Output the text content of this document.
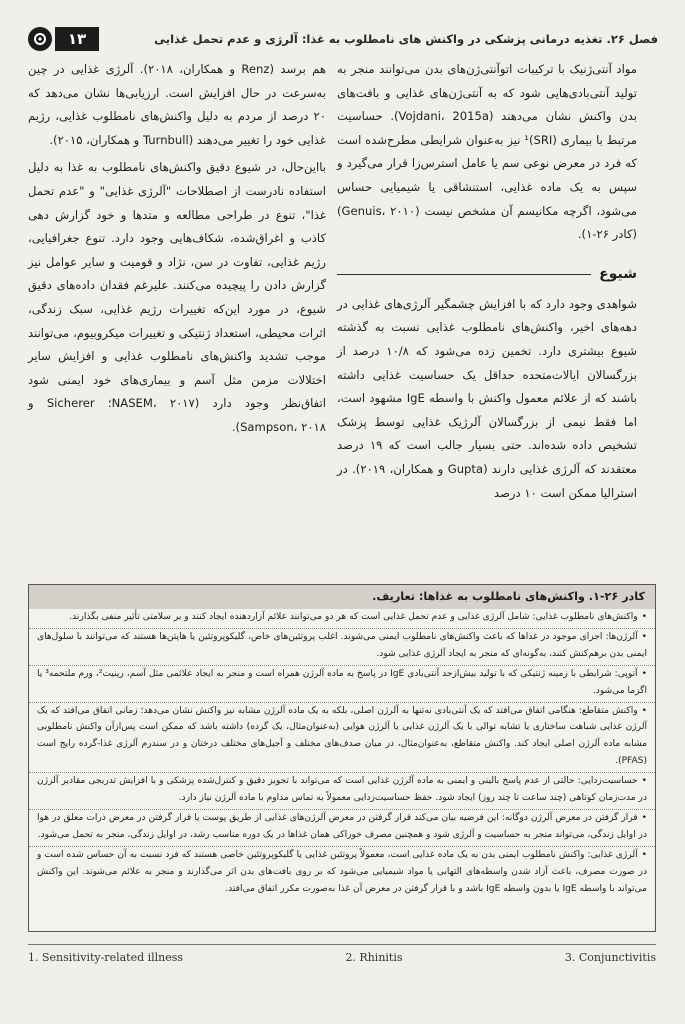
فصل ۲۶. تغذیه درمانی پزشکی در واکنش های نامطلوب به غذا: آلرژی و عدم تحمل غذایی
۱۳

مواد آنتی‌ژنیک با ترکیبات اتوآنتی‌ژن‌های بدن می‌توانند منجر به تولید آنتی‌بادی‌هایی شود که به آنتی‌ژن‌های غذایی و بافت‌های بدن واکنش نشان می‌دهند (Vojdani، 2015a). حساسیت مرتبط با بیماری (SRI)¹ نیز به‌عنوان شرایطی مطرح‌شده است که فرد در معرض نوعی سم یا عامل استرس‌زا قرار می‌گیرد و سپس به یک ماده غذایی، استنشاقی یا شیمیایی حساس می‌شود، اگرچه مکانیسم آن مشخص نیست (Genuis، ۲۰۱۰) (کادر ۲۶-۱).

شیوع

شواهدی وجود دارد که با افزایش چشمگیر آلرژی‌های غذایی در دهه‌های اخیر، واکنش‌های نامطلوب غذایی نسبت به گذشته شیوع بیشتری دارد. تخمین زده می‌شود که ۱۰/۸ درصد از بزرگسالان ایالات‌متحده حداقل یک حساسیت غذایی داشته باشند که از علائم معمول واکنش با واسطه IgE مشهود است، اما فقط نیمی از بزرگسالان آلرژیک غذایی توسط پزشک تشخیص داده شده‌اند. حتی بسیار جالب است که ۱۹ درصد معتقدند که آلرژی غذایی دارند (Gupta و همکاران، ۲۰۱۹). در استرالیا ممکن است ۱۰ درصد

هم برسد (Renz و همکاران، ۲۰۱۸). آلرژی غذایی در چین به‌سرعت در حال افزایش است. ارزیابی‌ها نشان می‌دهد که ۲۰ درصد از مردم به دلیل واکنش‌های نامطلوب غذایی، رژیم غذایی خود را تغییر می‌دهند (Turnbull و همکاران، ۲۰۱۵).

بااین‌حال، در شیوع دقیق واکنش‌های نامطلوب به غذا به دلیل استفاده نادرست از اصطلاحات "آلرژی غذایی" و "عدم تحمل غذا"، تنوع در طراحی مطالعه و متدها و خود گزارش دهی کاذب و اغراق‌شده، شکاف‌هایی وجود دارد. تنوع جغرافیایی، رژیم غذایی، تفاوت در سن، نژاد و قومیت و سایر عوامل نیز گزارش دادن را پیچیده می‌کنند. علیرغم فقدان داده‌های دقیق شیوع، در مورد این‌که تغییرات رژیم غذایی، سبک زندگی، اثرات محیطی، استعداد ژنتیکی و تغییرات میکروبیوم، می‌توانند موجب تشدید واکنش‌های نامطلوب غذایی و افزایش سایر اختلالات مزمن مثل آسم و بیماری‌های خود ایمنی شود اتفاق‌نظر وجود دارد (NASEM، ۲۰۱۷؛ Sicherer و Sampson، ۲۰۱۸).

کادر ۲۶-۱. واکنش‌های نامطلوب به غذاها: تعاریف.
•واکنش‌های نامطلوب غذایی: شامل آلرژی غذایی و عدم تحمل غذایی است که هر دو می‌توانند علائم آزاردهنده ایجاد کنند و بر سلامتی تأثیر منفی بگذارند.
•آلرژن‌ها: اجزای موجود در غذاها که باعث واکنش‌های نامطلوب ایمنی می‌شوند. اغلب پروتئین‌های خاص، گلیکوپروتئین یا هاپتن‌ها هستند که می‌توانند با سلول‌های ایمنی بدن برهم‌کنش کنند، به‌گونه‌ای که منجر به ایجاد آلرژی غذایی شود.
•آتوپی: شرایطی با زمینه ژنتیکی که با تولید بیش‌ازحد آنتی‌بادی IgE در پاسخ به ماده آلرژن همراه است و منجر به ایجاد علائمی مثل آسم، رینیت²، ورم ملتحمه³ یا اگزما می‌شود.
•واکنش متقاطع: هنگامی اتفاق می‌افتد که یک آنتی‌بادی نه‌تنها به آلرژن اصلی، بلکه به یک ماده آلرژن مشابه نیز واکنش نشان می‌دهد؛ زمانی اتفاق می‌افتد که یک آلرژن غذایی شباهت ساختاری یا تشابه توالی با یک آلرژن غذایی یا آلرژن هوایی (به‌عنوان‌مثال، یک گرده) داشته باشد که ممکن است پس‌ازآن واکنش نامطلوبی مشابه ماده آلرژن اصلی ایجاد کند. واکنش متقاطع، به‌عنوان‌مثال، در میان صدف‌های مختلف و آجیل‌های مختلف درختان و در سندرم آلرژی غذا-گرده رایج است (PFAS).
•حساسیت‌زدایی: حالتی از عدم پاسخ بالینی و ایمنی به ماده آلرژن غذایی است که می‌تواند با تجویز دقیق و کنترل‌شده پزشکی و با افزایش تدریجی مقادیر آلرژن در مدت‌زمان کوتاهی (چند ساعت تا چند روز) ایجاد شود. حفظ حساسیت‌زدایی معمولاً به تماس مداوم با ماده آلرژن نیاز دارد.
•قرار گرفتن در معرض آلرژن دوگانه: این فرضیه بیان می‌کند قرار گرفتن در معرض آلرژن‌های غذایی از طریق پوست یا قرار گرفتن در معرض ذرات معلق در هوا در اوایل زندگی، می‌تواند منجر به حساسیت و آلرژی شود و همچنین مصرف خوراکی همان غذاها در یک دوره مناسب رشد، در اوایل زندگی، منجر به تحمل می‌شود.
•آلرژی غذایی: واکنش نامطلوب ایمنی بدن به یک ماده غذایی است، معمولاً پروتئین غذایی یا گلیکوپروتئین خاصی هستند که فرد نسبت به آن حساس شده است و در صورت مصرف، باعث آزاد شدن واسطه‌های التهابی یا مواد شیمیایی می‌شود که بر روی بافت‌های بدن اثر می‌گذارند و منجر به علائم می‌شوند. این واکنش می‌تواند با واسطه IgE یا بدون واسطه IgE باشد و با قرار گرفتن در معرض آن غذا به‌صورت مکرر اتفاق می‌افتد.
1. Sensitivity-related illness	2. Rhinitis	3. Conjunctivitis
